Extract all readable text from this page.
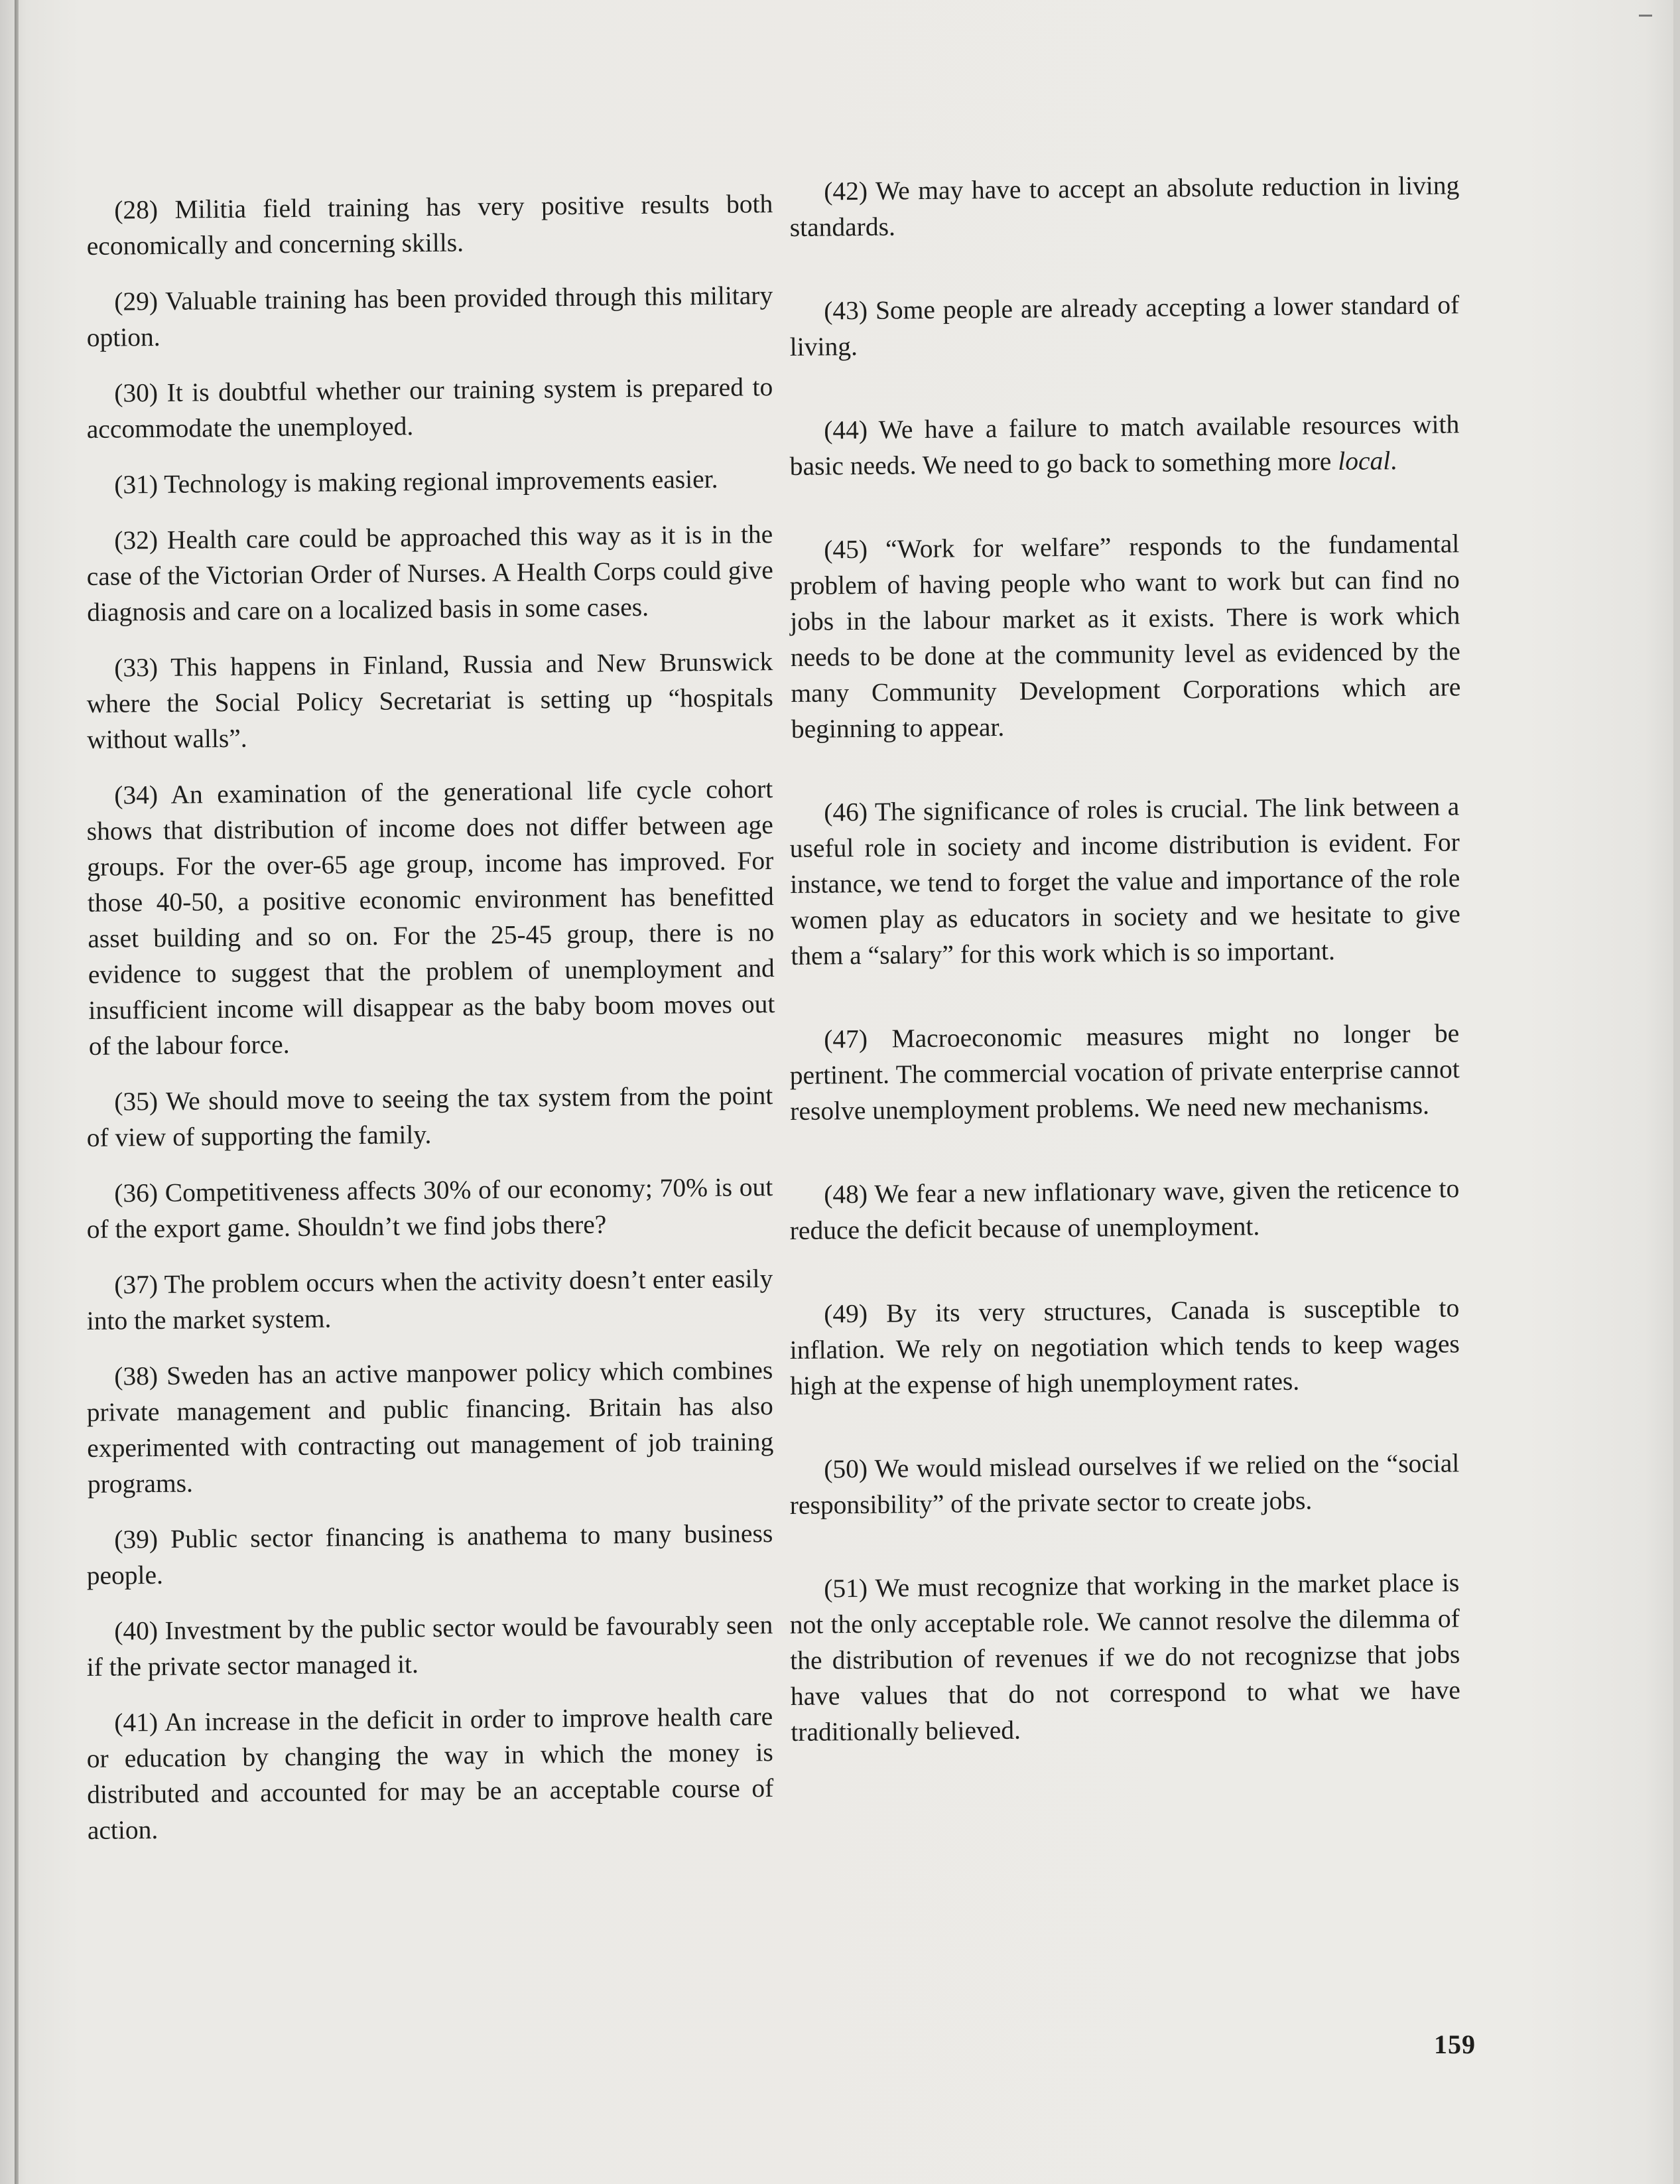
(28) Militia field training has very positive results both economically and concerning skills.

(29) Valuable training has been provided through this military option.

(30) It is doubtful whether our training system is prepared to accommodate the unemployed.

(31) Technology is making regional improvements easier.

(32) Health care could be approached this way as it is in the case of the Victorian Order of Nurses. A Health Corps could give diagnosis and care on a localized basis in some cases.

(33) This happens in Finland, Russia and New Brunswick where the Social Policy Secretariat is setting up “hospitals without walls”.

(34) An examination of the generational life cycle cohort shows that distribution of income does not differ between age groups. For the over-65 age group, income has improved. For those 40-50, a positive economic environment has benefitted asset building and so on. For the 25-45 group, there is no evidence to suggest that the problem of unemployment and insufficient income will disappear as the baby boom moves out of the labour force.

(35) We should move to seeing the tax system from the point of view of supporting the family.

(36) Competitiveness affects 30% of our economy; 70% is out of the export game. Shouldn’t we find jobs there?

(37) The problem occurs when the activity doesn’t enter easily into the market system.

(38) Sweden has an active manpower policy which combines private management and public financing. Britain has also experimented with contracting out management of job training programs.

(39) Public sector financing is anathema to many business people.

(40) Investment by the public sector would be favourably seen if the private sector managed it.

(41) An increase in the deficit in order to improve health care or education by changing the way in which the money is distributed and accounted for may be an acceptable course of action.

(42) We may have to accept an absolute reduction in living standards.

(43) Some people are already accepting a lower standard of living.

(44) We have a failure to match available resources with basic needs. We need to go back to something more local.

(45) “Work for welfare” responds to the fundamental problem of having people who want to work but can find no jobs in the labour market as it exists. There is work which needs to be done at the community level as evidenced by the many Community Development Corporations which are beginning to appear.

(46) The significance of roles is crucial. The link between a useful role in society and income distribution is evident. For instance, we tend to forget the value and importance of the role women play as educators in society and we hesitate to give them a “salary” for this work which is so important.

(47) Macroeconomic measures might no longer be pertinent. The commercial vocation of private enterprise cannot resolve unemployment problems. We need new mechanisms.

(48) We fear a new inflationary wave, given the reticence to reduce the deficit because of unemployment.

(49) By its very structures, Canada is susceptible to inflation. We rely on negotiation which tends to keep wages high at the expense of high unemployment rates.

(50) We would mislead ourselves if we relied on the “social responsibility” of the private sector to create jobs.

(51) We must recognize that working in the market place is not the only acceptable role. We cannot resolve the dilemma of the distribution of revenues if we do not recognizse that jobs have values that do not correspond to what we have traditionally believed.

159
